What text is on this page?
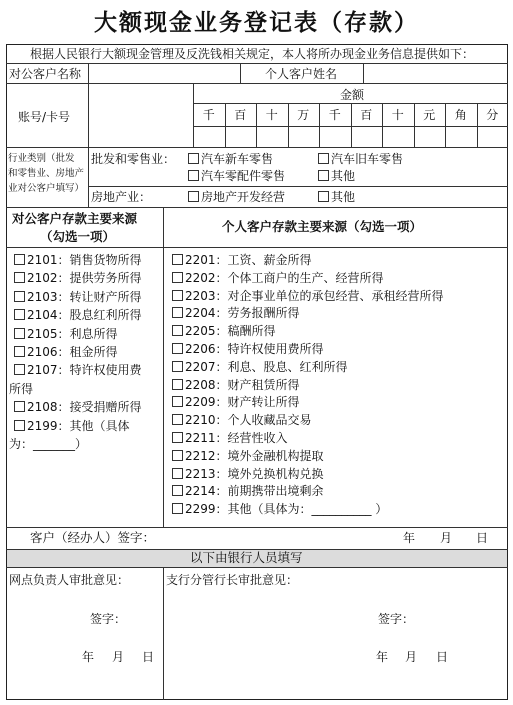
大额现金业务登记表（存款）
根据人民银行大额现金管理及反洗钱相关规定，本人将所办现金业务信息提供如下：
对公客户名称	个人客户姓名
账号/卡号
金额
千	百	十	万	千	百	十	元	角	分
行业类别（批发
和零售业、房地产
业对公客户填写）
批发和零售业：	汽车新车零售	汽车旧车零售
汽车零配件零售	其他
房地产业：	房地产开发经营	其他
对公客户存款主要来源
（勾选一项）
个人客户存款主要来源（勾选一项）
2101：销售货物所得
2102：提供劳务所得
2103：转让财产所得
2104：股息红利所得
2105：利息所得
2106：租金所得
2107：特许权使用费
所得
2108：接受捐赠所得
2199：其他（具体
为：_______）
2201：工资、薪金所得
2202：个体工商户的生产、经营所得
2203：对企事业单位的承包经营、承租经营所得
2204：劳务报酬所得
2205：稿酬所得
2206：特许权使用费所得
2207：利息、股息、红利所得
2208：财产租赁所得
2209：财产转让所得
2210：个人收藏品交易
2211：经营性收入
2212：境外金融机构提取
2213：境外兑换机构兑换
2214：前期携带出境剩余
2299：其他（具体为：__________ ）
客户（经办人）签字：	年 月 日
以下由银行人员填写
网点负责人审批意见：	支行分管行长审批意见：
签字：	签字：
年 月 日	年 月 日
